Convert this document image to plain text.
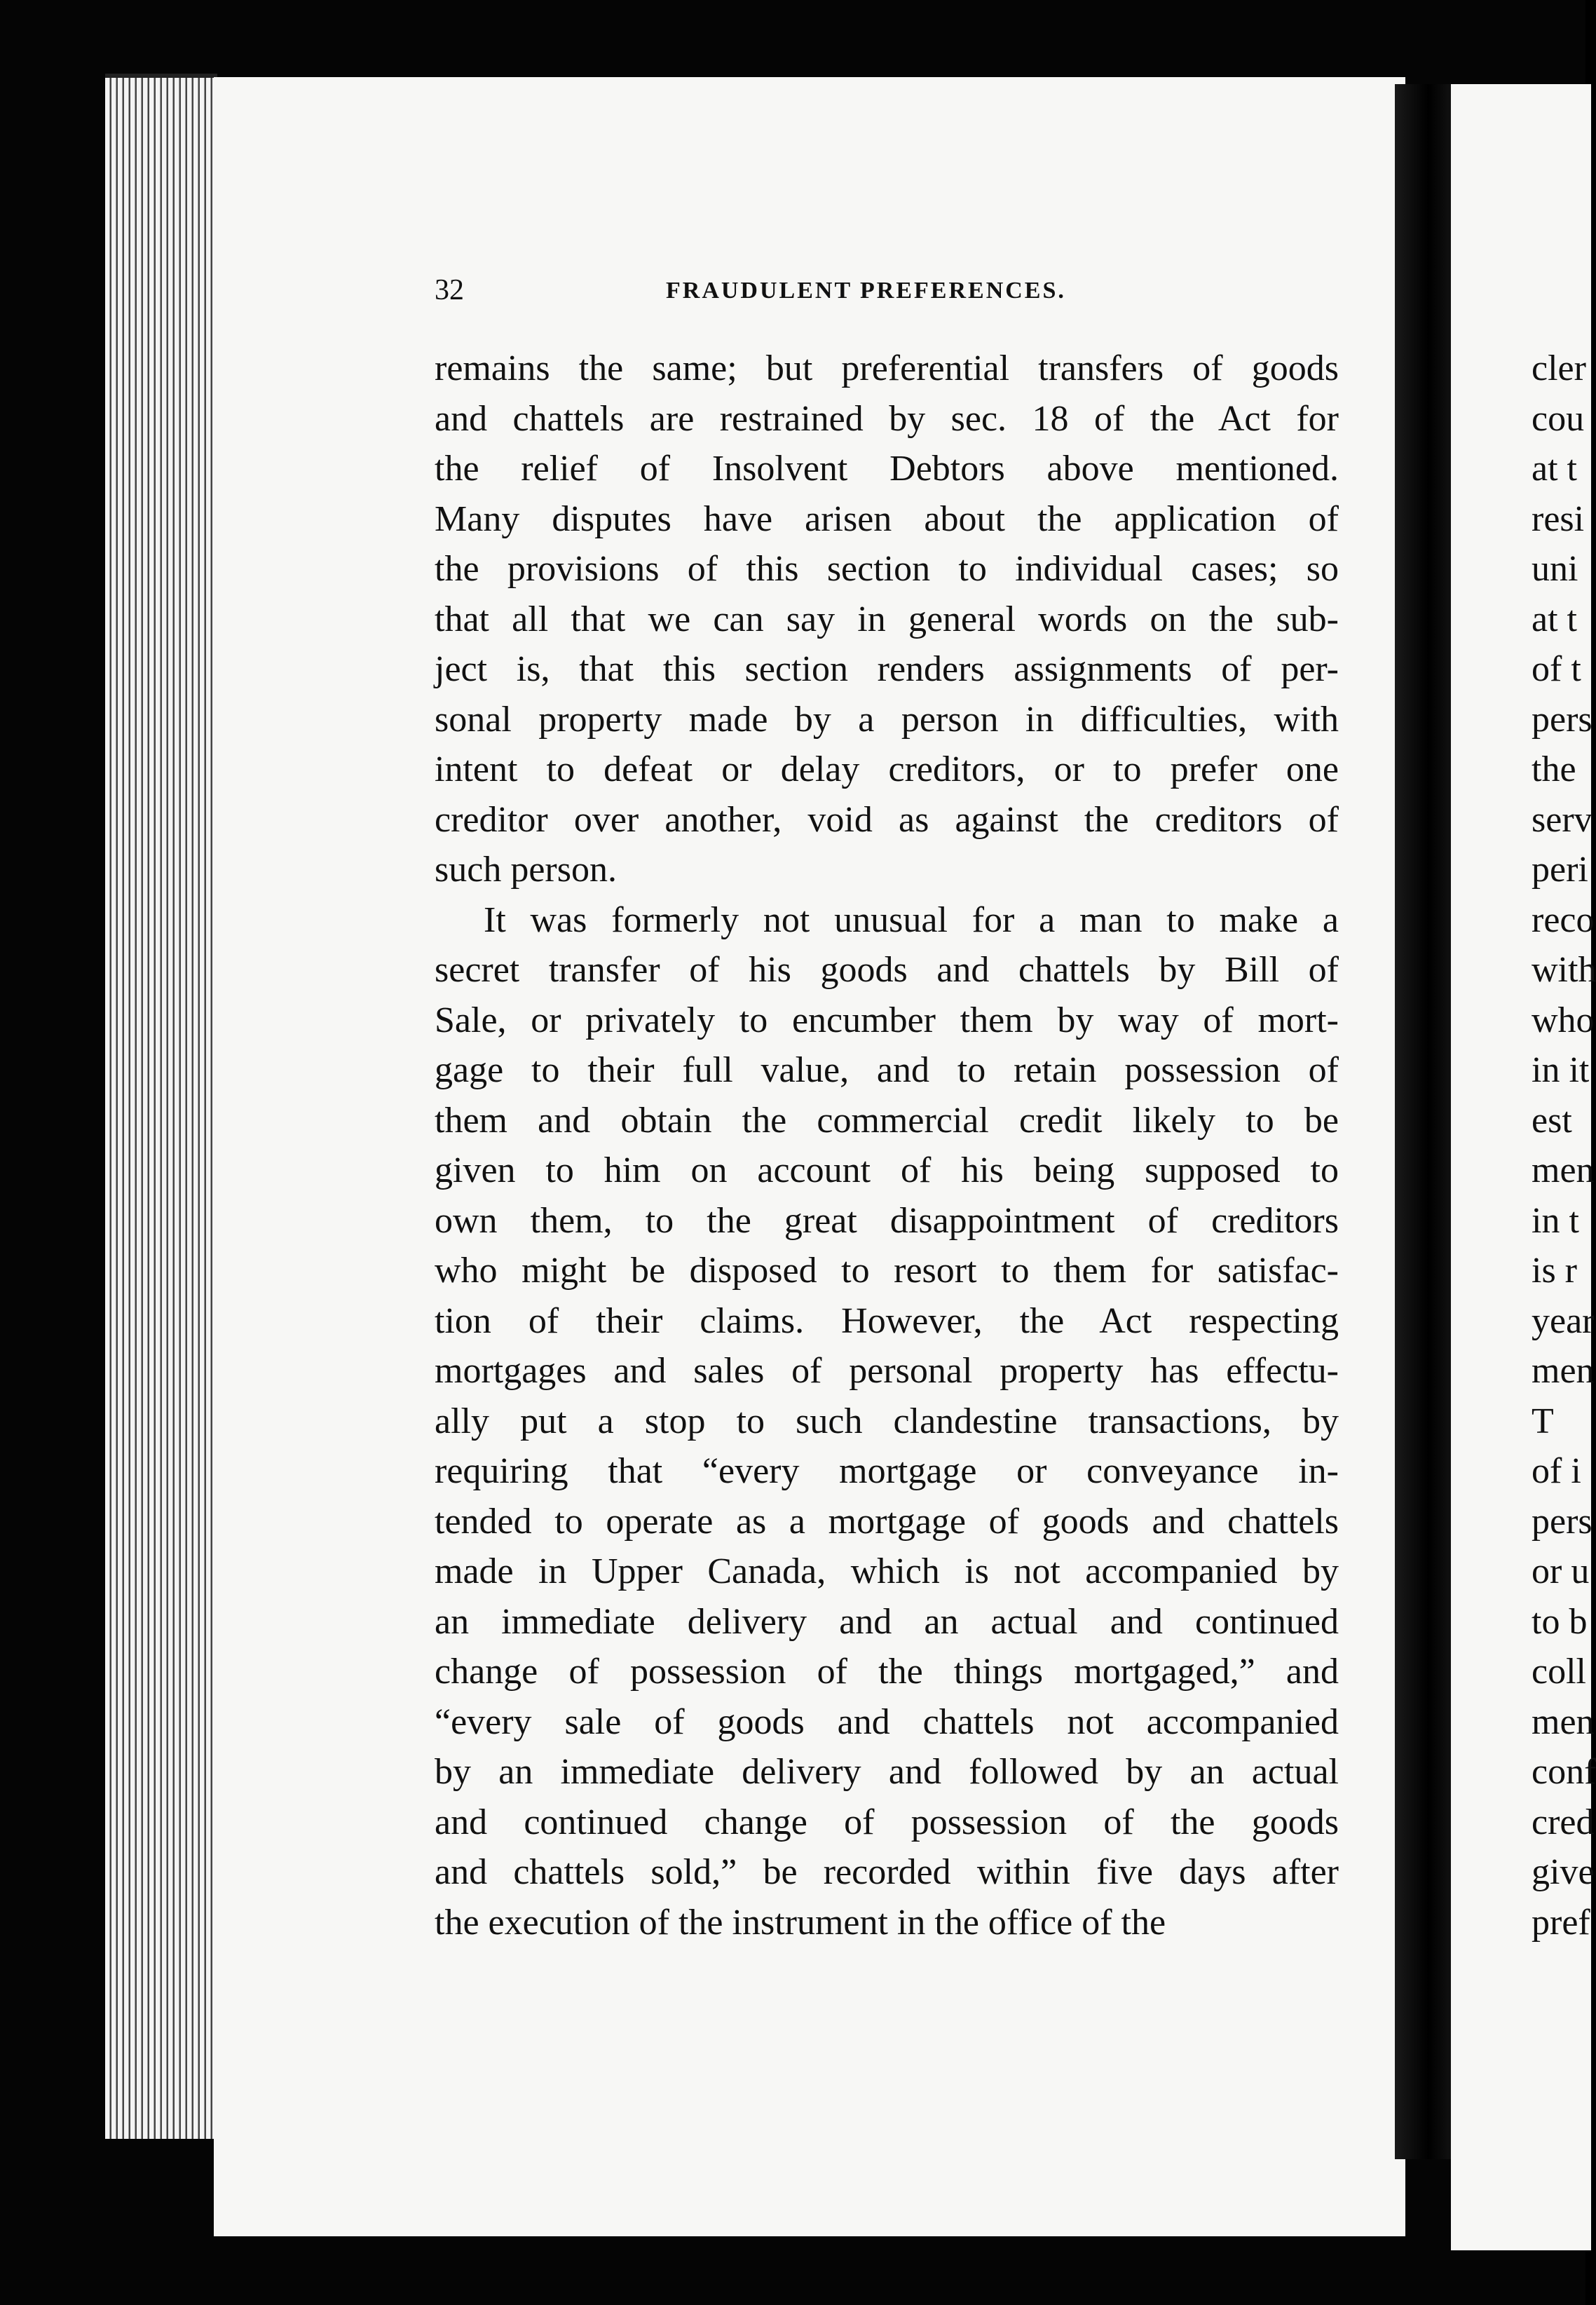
32	FRAUDULENT PREFERENCES.
remains the same; but preferential transfers of goods
and chattels are restrained by sec. 18 of the Act for
the relief of Insolvent Debtors above mentioned.
Many disputes have arisen about the application of
the provisions of this section to individual cases; so
that all that we can say in general words on the sub-
ject is, that this section renders assignments of per-
sonal property made by a person in difficulties, with
intent to defeat or delay creditors, or to prefer one
creditor over another, void as against the creditors of
such person.
It was formerly not unusual for a man to make a
secret transfer of his goods and chattels by Bill of
Sale, or privately to encumber them by way of mort-
gage to their full value, and to retain possession of
them and obtain the commercial credit likely to be
given to him on account of his being supposed to
own them, to the great disappointment of creditors
who might be disposed to resort to them for satisfac-
tion of their claims. However, the Act respecting
mortgages and sales of personal property has effectu-
ally put a stop to such clandestine transactions, by
requiring that “every mortgage or conveyance in-
tended to operate as a mortgage of goods and chattels
made in Upper Canada, which is not accompanied by
an immediate delivery and an actual and continued
change of possession of the things mortgaged,” and
“every sale of goods and chattels not accompanied
by an immediate delivery and followed by an actual
and continued change of possession of the goods
and chattels sold,” be recorded within five days after
the execution of the instrument in the office of the
cler
cou
at t
resi
uni
at t
of t
pers
the
serv
peri
reco
with
who
in it
est
men
in t
is r
year
men
T
of i
pers
or u
to b
coll
men
conf
cred
give
pref
